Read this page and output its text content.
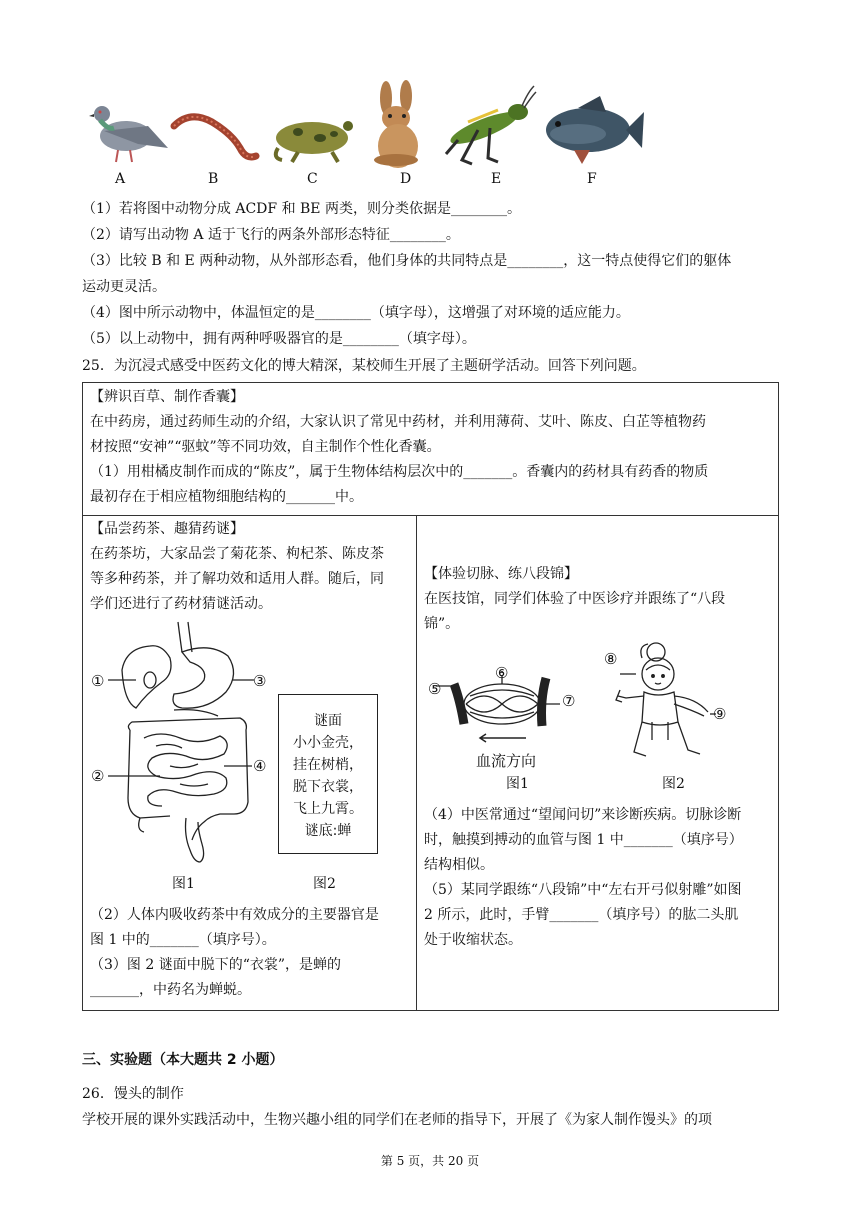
A	B	C	D	E	F
（1）若将图中动物分成 ACDF 和 BE 两类，则分类依据是________。
（2）请写出动物 A 适于飞行的两条外部形态特征________。
（3）比较 B 和 E 两种动物，从外部形态看，他们身体的共同特点是________，这一特点使得它们的躯体
运动更灵活。
（4）图中所示动物中，体温恒定的是________（填字母），这增强了对环境的适应能力。
（5）以上动物中，拥有两种呼吸器官的是________（填字母）。
25．为沉浸式感受中医药文化的博大精深，某校师生开展了主题研学活动。回答下列问题。
【辨识百草、制作香囊】
在中药房，通过药师生动的介绍，大家认识了常见中药材，并利用薄荷、艾叶、陈皮、白芷等植物药
材按照“安神”“驱蚊”等不同功效，自主制作个性化香囊。
（1）用柑橘皮制作而成的“陈皮”，属于生物体结构层次中的_______。香囊内的药材具有药香的物质
最初存在于相应植物细胞结构的_______中。
【品尝药茶、趣猜药谜】
在药茶坊，大家品尝了菊花茶、枸杞茶、陈皮茶
等多种药茶，并了解功效和适用人群。随后，同
学们还进行了药材猜谜活动。
①
②
③
④
谜面
小小金壳，
挂在树梢，
脱下衣裳，
飞上九霄。
谜底:蝉
图1	图2
（2）人体内吸收药茶中有效成分的主要器官是
图 1 中的_______（填序号）。
（3）图 2 谜面中脱下的“衣裳”，是蝉的
_______，中药名为蝉蜕。
【体验切脉、练八段锦】
在医技馆，同学们体验了中医诊疗并跟练了“八段
锦”。
⑤
⑥
⑦
血流方向
图1
⑧
⑨
图2
（4）中医常通过“望闻问切”来诊断疾病。切脉诊断
时，触摸到搏动的血管与图 1 中_______（填序号）
结构相似。
（5）某同学跟练“八段锦”中“左右开弓似射雕”如图
2 所示，此时，手臂_______（填序号）的肱二头肌
处于收缩状态。
三、实验题（本大题共 2 小题）
26．馒头的制作
学校开展的课外实践活动中，生物兴趣小组的同学们在老师的指导下，开展了《为家人制作馒头》的项
第 5 页，共 20 页
